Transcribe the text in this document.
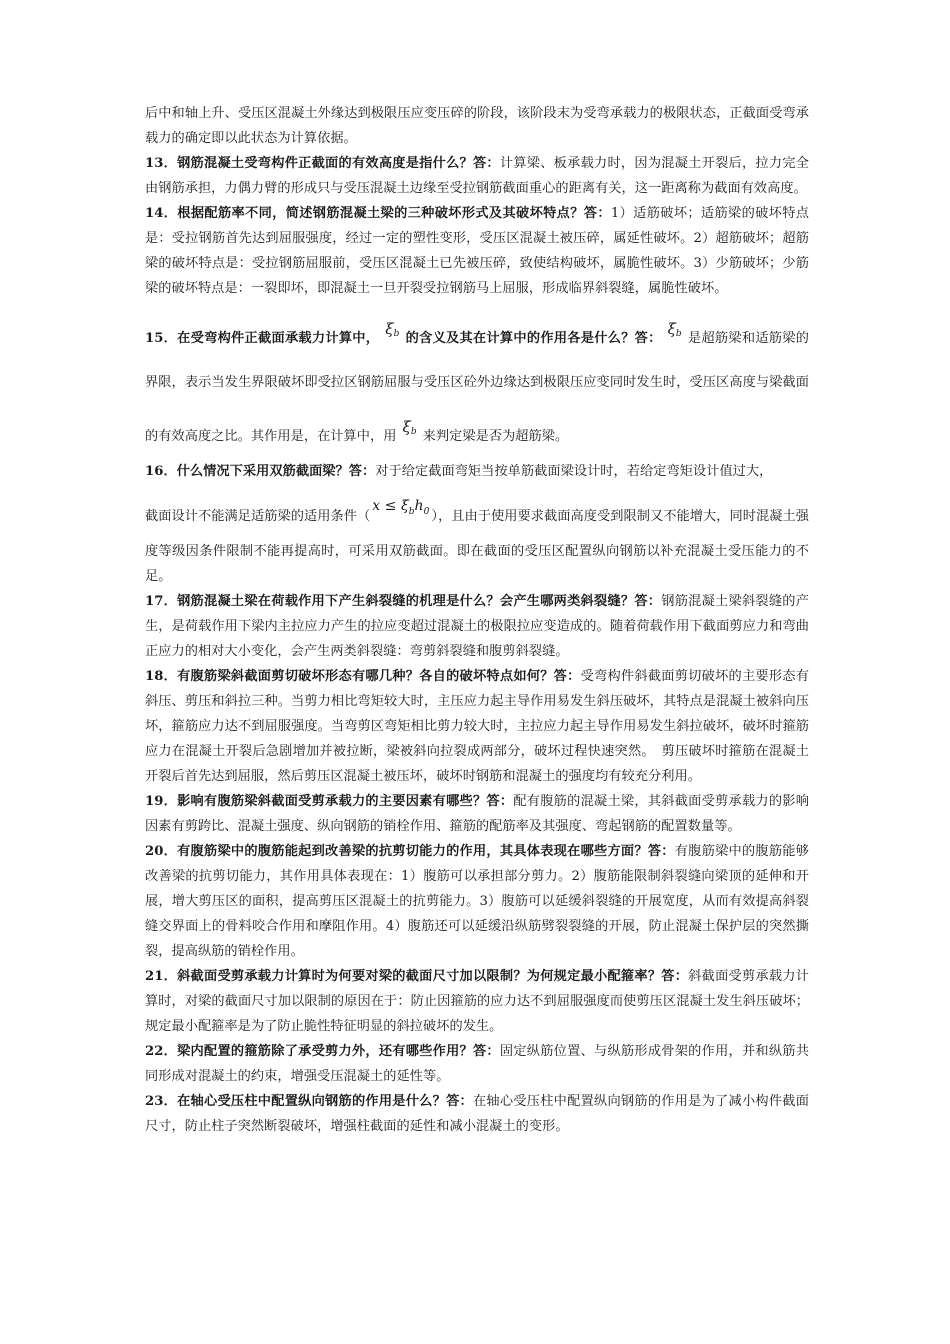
后中和轴上升、受压区混凝土外缘达到极限压应变压碎的阶段，该阶段末为受弯承载力的极限状态，正截面受弯承载力的确定即以此状态为计算依据。

13．钢筋混凝土受弯构件正截面的有效高度是指什么？答：计算梁、板承载力时，因为混凝土开裂后，拉力完全由钢筋承担，力偶力臂的形成只与受压混凝土边缘至受拉钢筋截面重心的距离有关，这一距离称为截面有效高度。

14．根据配筋率不同，简述钢筋混凝土梁的三种破坏形式及其破坏特点？答：1）适筋破坏；适筋梁的破坏特点是：受拉钢筋首先达到屈服强度，经过一定的塑性变形，受压区混凝土被压碎，属延性破坏。2）超筋破坏；超筋梁的破坏特点是：受拉钢筋屈服前，受压区混凝土已先被压碎，致使结构破坏，属脆性破坏。3）少筋破坏；少筋梁的破坏特点是：一裂即坏，即混凝土一旦开裂受拉钢筋马上屈服，形成临界斜裂缝，属脆性破坏。

15．在受弯构件正截面承载力计算中，$\xi_b$ 的含义及其在计算中的作用各是什么？答：$\xi_b$ 是超筋梁和适筋梁的界限，表示当发生界限破坏即受拉区钢筋屈服与受压区砼外边缘达到极限压应变同时发生时，受压区高度与梁截面的有效高度之比。其作用是，在计算中，用$\xi_b$ 来判定梁是否为超筋梁。

16．什么情况下采用双筋截面梁？答：对于给定截面弯矩当按单筋截面梁设计时，若给定弯矩设计值过大，
截面设计不能满足适筋梁的适用条件（$x \le \xi_bh_0$ ），且由于使用要求截面高度受到限制又不能增大，同时混凝土强度等级因条件限制不能再提高时，可采用双筋截面。即在截面的受压区配置纵向钢筋以补充混凝土受压能力的不足。

17．钢筋混凝土梁在荷载作用下产生斜裂缝的机理是什么？会产生哪两类斜裂缝？答：钢筋混凝土梁斜裂缝的产生，是荷载作用下梁内主拉应力产生的拉应变超过混凝土的极限拉应变造成的。随着荷载作用下截面剪应力和弯曲正应力的相对大小变化，会产生两类斜裂缝：弯剪斜裂缝和腹剪斜裂缝。

18．有腹筋梁斜截面剪切破坏形态有哪几种？各自的破坏特点如何？答：受弯构件斜截面剪切破坏的主要形态有斜压、剪压和斜拉三种。当剪力相比弯矩较大时，主压应力起主导作用易发生斜压破坏，其特点是混凝土被斜向压坏，箍筋应力达不到屈服强度。当弯剪区弯矩相比剪力较大时，主拉应力起主导作用易发生斜拉破坏，破坏时箍筋应力在混凝土开裂后急剧增加并被拉断，梁被斜向拉裂成两部分，破坏过程快速突然。　剪压破坏时箍筋在混凝土开裂后首先达到屈服，然后剪压区混凝土被压坏，破坏时钢筋和混凝土的强度均有较充分利用。

19．影响有腹筋梁斜截面受剪承载力的主要因素有哪些？答：配有腹筋的混凝土梁，其斜截面受剪承载力的影响因素有剪跨比、混凝土强度、纵向钢筋的销栓作用、箍筋的配筋率及其强度、弯起钢筋的配置数量等。

20．有腹筋梁中的腹筋能起到改善梁的抗剪切能力的作用，其具体表现在哪些方面？答：有腹筋梁中的腹筋能够改善梁的抗剪切能力，其作用具体表现在：1）腹筋可以承担部分剪力。2）腹筋能限制斜裂缝向梁顶的延伸和开展，增大剪压区的面积，提高剪压区混凝土的抗剪能力。3）腹筋可以延缓斜裂缝的开展宽度，从而有效提高斜裂缝交界面上的骨料咬合作用和摩阻作用。4）腹筋还可以延缓沿纵筋劈裂裂缝的开展，防止混凝土保护层的突然撕裂，提高纵筋的销栓作用。

21．斜截面受剪承载力计算时为何要对梁的截面尺寸加以限制？为何规定最小配箍率？答：斜截面受剪承载力计算时，对梁的截面尺寸加以限制的原因在于：防止因箍筋的应力达不到屈服强度而使剪压区混凝土发生斜压破坏；规定最小配箍率是为了防止脆性特征明显的斜拉破坏的发生。

22．梁内配置的箍筋除了承受剪力外，还有哪些作用？答：固定纵筋位置、与纵筋形成骨架的作用，并和纵筋共同形成对混凝土的约束，增强受压混凝土的延性等。

23．在轴心受压柱中配置纵向钢筋的作用是什么？答：在轴心受压柱中配置纵向钢筋的作用是为了减小构件截面尺寸，防止柱子突然断裂破坏，增强柱截面的延性和减小混凝土的变形。
